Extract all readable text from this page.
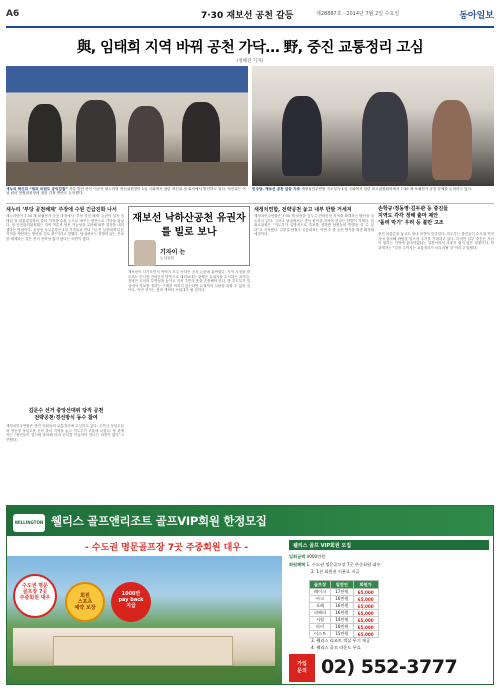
A6	7·30 재보선 공천 갈등	제28887호 · 2014년 7월 2일 수요일	동아일보
與, 임태희 지역 바꿔 공천 가닥… 野, 중진 교통정리 고심
(정해진 기자)
새누리 혁신위 “원외 의원도 공익감찰” 자유 발언 중인 이준석 새누리당 혁신위원장이 1일 국회에서 열린 혁신위 첫 회의에서 발언하고 있다. 혁신위는 이날 원외 당협위원장에 대한 감찰 방안도 논의했다.
민주당, 재보선 공천 갈등 지속 새정치민주연합 지도부가 1일 국회에서 열린 최고위원회의에서 7·30 재·보궐선거 공천 문제를 논의하고 있다.
새누리 ‘부당 공천배제’ 주장에 수원 긴급진화 나서
새누리당이 7·30 재·보궐선거 공천 과정에서 ‘부당 공천 배제’ 논란이 일자 임태희 전 대통령실장의 출마 지역을 수원 등으로 바꾸는 방안으로 가닥을 잡았다. 당 공천관리위원회는 지역 여론과 당선 가능성을 고려해 최종 결정을 내리겠다는 방침이다. 윤상현 사무총장은 1일 기자들과 만나 “임 전 실장에게 다른 지역을 제안하는 방안을 검토 중”이라고 말했다. 당내에서는 경쟁력 있는 후보를 배제하는 것은 선거 전략상 옳지 않다는 의견이 많다.
김문수 선거 중앙선대위 당직 공천
전략공천·경선방식 동수 참여
새정치민주연합은 중진 의원들의 교통정리에 고심하고 있다. 손학규 상임고문과 정동영 상임고문 등의 출마 지역을 놓고 지도부가 조율에 나섰다. 당 관계자는 “중진들이 험지에 출마해 당의 승리를 이끌어야 한다는 의견이 많다”고 전했다.
재보선 낙하산공천 유권자를 빌로 보나
기자이 는
논설위원
재보선이 다가오면서 여야가 모두 낙하산 공천 논란에 휩싸였다. 지역 사정을 잘 모르는 인사를 전략공천 명목으로 내려보내는 관행은 유권자를 무시하는 처사다. 정당은 공천의 투명성을 높이고 지역 주민의 뜻을 존중해야 한다. 당 지도부가 밀실에서 후보를 정하는 구태를 버리지 않는다면 유권자의 심판을 피할 수 없을 것이다. 이번 선거는 정치 개혁의 시험대가 될 것이다.
새정치연합, 전략공천 놓고 내부 반발 거세져
새정치민주연합은 7·30 재·보선을 앞두고 전략공천 지역을 확대하는 방안을 검토하고 있다. 그러나 당내에서는 경선 원칙을 지켜야 한다는 반발이 거세다. 한 최고위원은 “지도부가 일방적으로 후보를 정하면 당원들의 반발을 살 수 있다”고 지적했다. 김한길 안철수 공동대표는 이번 주 중 공천 방식을 최종 확정할 예정이다.
손학규·정동영·김두관 등 중진들
지역도 각각 정해 출마 제안
‘돌려 막기’ 우려 등 불만 고조
중진 차출론을 놓고도 당내 의견이 엇갈린다. 지도부는 중진들이 수도권 격전지에 출마해 바람을 일으켜 주기를 기대하고 있다. 하지만 일부 중진은 자신이 원하는 지역에 출마하겠다는 입장이어서 조율이 쉽지 않은 상황이다. 당 관계자는 “다음 주까지는 교통정리가 마무리될 것”이라고 말했다.
WILLINGTON 웰리스 골프앤리조트 골프VIP회원 한정모집
- 수도권 명문골프장 7곳 주중회원 대우 -
수도권 명문
골프장 7곳
주중회원 대우	회원
스포츠
예약 보장
1000만
pay back
지급
웰리스 골프 VIP회원 모집
입회금액 4000만원
회원혜택 1. 수도권 명문골프장 7곳 주중회원 대우
2. 1천 회원권 이용료 지급
골프장	일반인	회원가
레이크	17만원	65,000
아크	16만원	65,000
포레	16만원	65,000
리베라	16만원	65,000
서원	14만원	65,000
라비	16만원	65,000
이스트	15만원	65,000
3. 웰리스 리조트 객실 무기 제공
4. 웰리스 골프 라운드 무료
가입
문의 02) 552-3777
